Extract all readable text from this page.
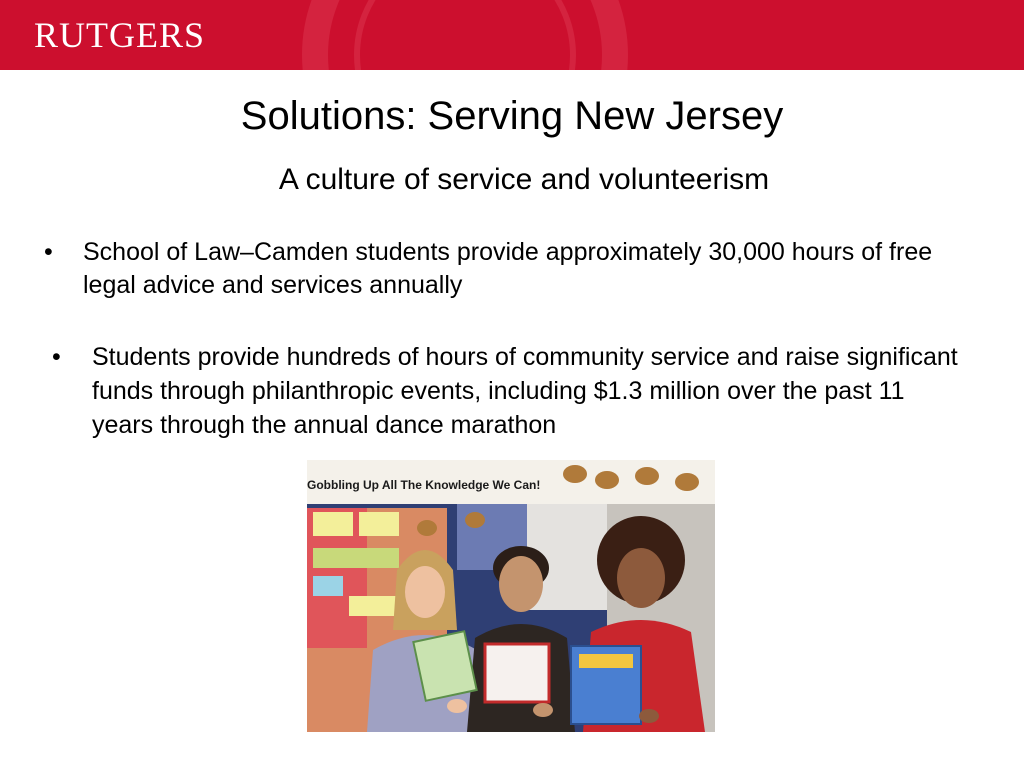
RUTGERS
Solutions: Serving New Jersey
A culture of service and volunteerism
• School of Law–Camden students provide approximately 30,000 hours of free legal advice and services annually
• Students provide hundreds of hours of community service and raise significant funds through philanthropic events, including $1.3 million over the past 11 years through the annual dance marathon
Gobbling Up All The Knowledge We Can!
